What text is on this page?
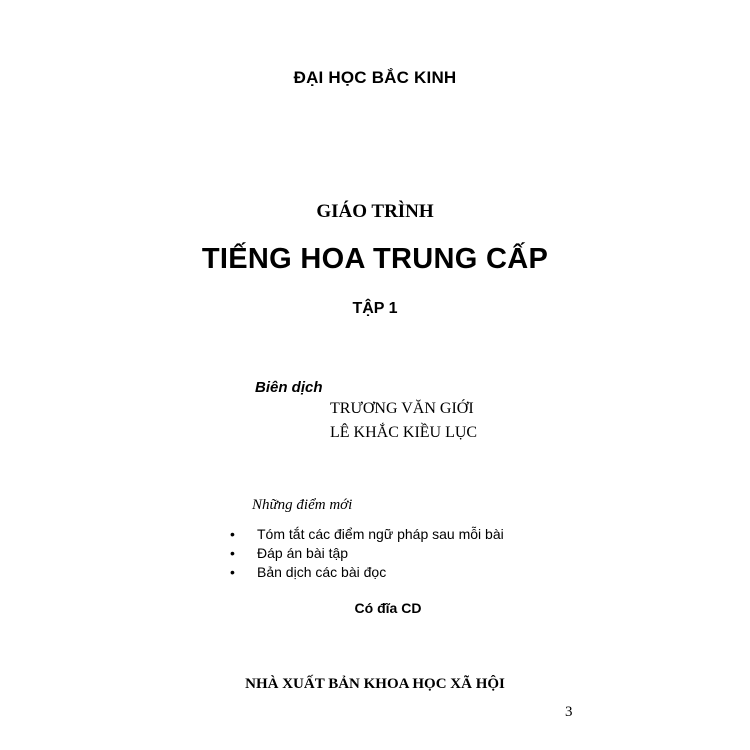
ĐẠI HỌC BẮC KINH
GIÁO TRÌNH
TIẾNG HOA TRUNG CẤP
TẬP 1
Biên dịch
TRƯƠNG VĂN GIỚI
LÊ KHẮC KIỀU LỤC
Những điểm mới
• Tóm tắt các điểm ngữ pháp sau mỗi bài
• Đáp án bài tập
• Bản dịch các bài đọc
Có đĩa CD
NHÀ XUẤT BẢN KHOA HỌC XÃ HỘI
3
